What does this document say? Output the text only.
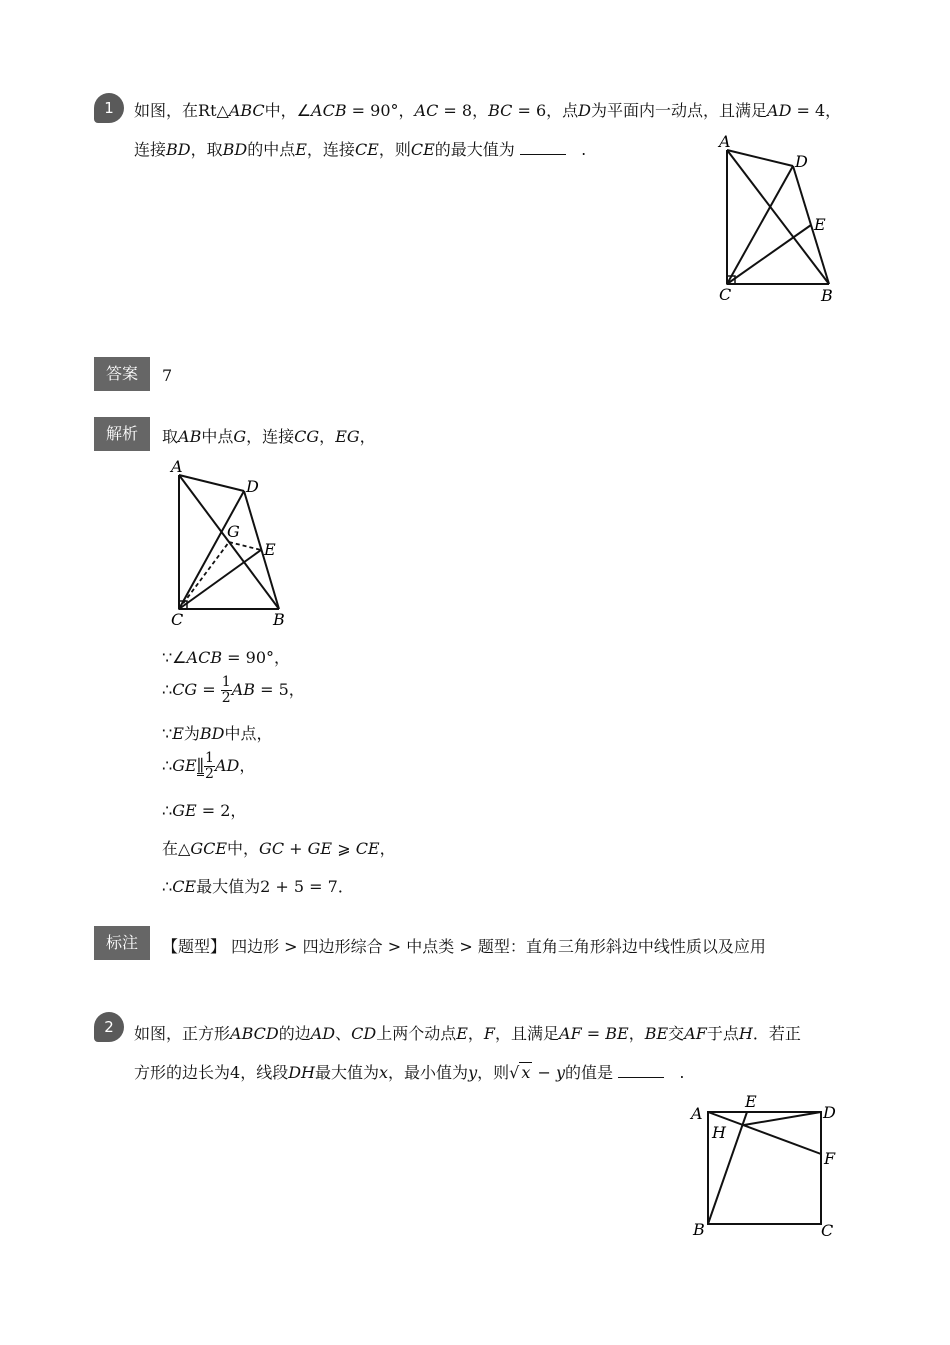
1	如图，在Rt△ABC中，∠ACB = 90°，AC = 8，BC = 6，点D为平面内一动点，且满足AD = 4，
连接BD，取BD的中点E，连接CE，则CE的最大值为	.	A
D
E
C	B
答案	7
解析	取AB中点G，连接CG，EG，
A
D
G
E
C	B
∵∠ACB = 90°，
∴CG = $\frac{1}{2}$ AB = 5，
∵E为BD中点，
∴GE∥ $\frac{1}{2}$ AD，
∴GE = 2，
在△GCE中，GC + GE ⩾ CE，
∴CE最大值为2 + 5 = 7．
标注	【题型】 四边形 > 四边形综合 > 中点类 > 题型：直角三角形斜边中线性质以及应用
2	如图，正方形ABCD的边AD、CD上两个动点E，F，且满足AF = BE，BE交AF于点H．若正
方形的边长为4，线段DH最大值为x，最小值为y，则√ x − y的值是	.
A
E
D
H
F
B	C
